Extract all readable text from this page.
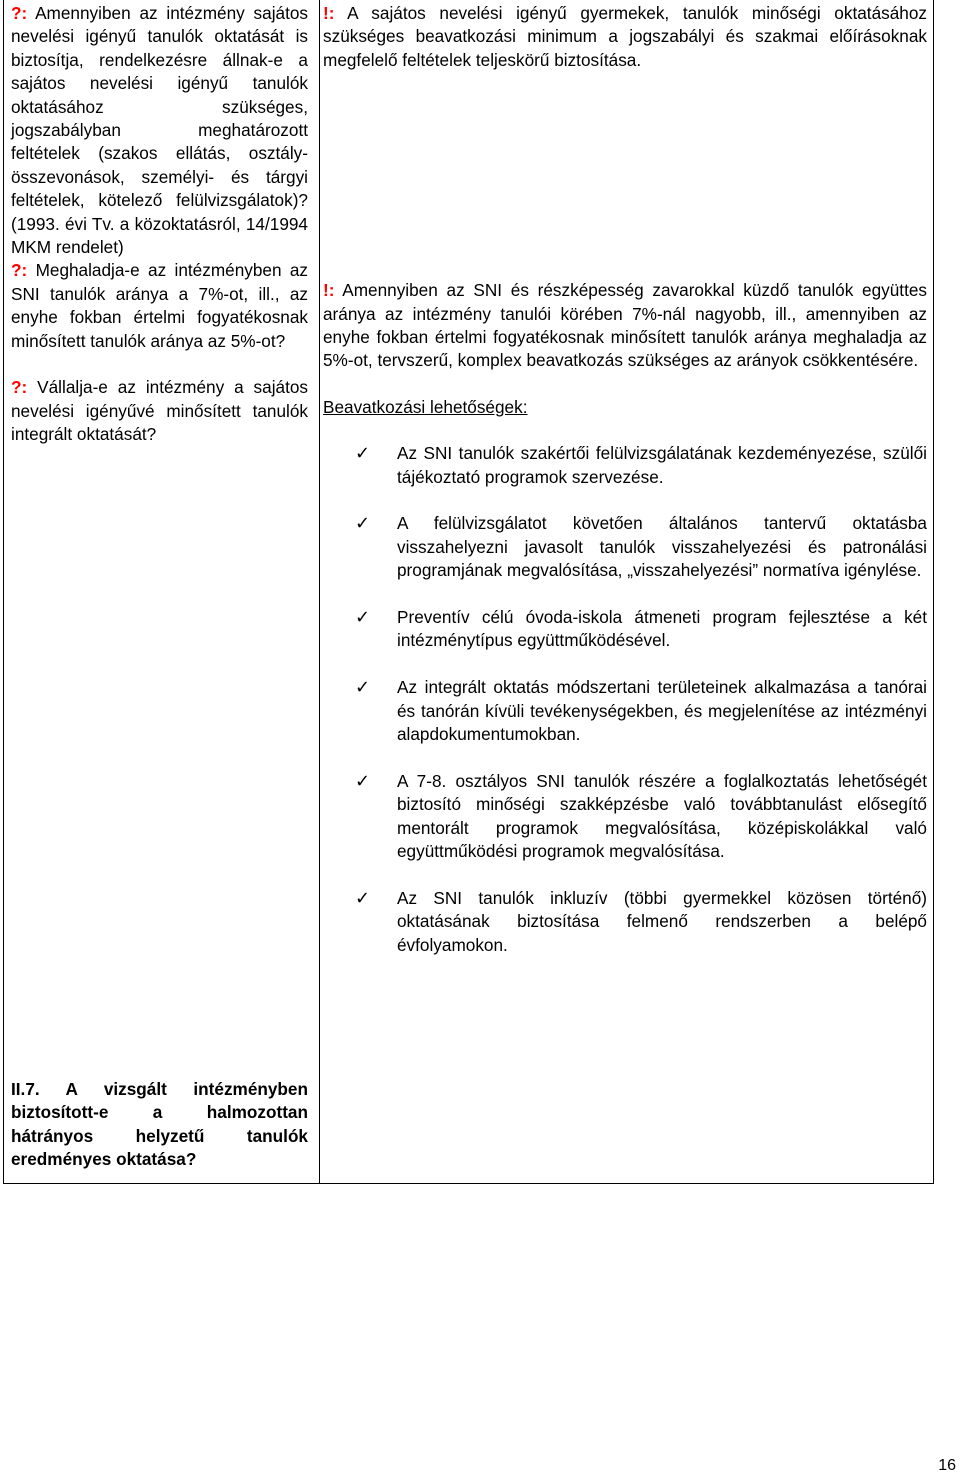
?: Amennyiben az intézmény sajátos nevelési igényű tanulók oktatását is biztosítja, rendelkezésre állnak-e a sajátos nevelési igényű tanulók oktatásához szükséges, jogszabályban meghatározott feltételek (szakos ellátás, osztály- összevonások, személyi- és tárgyi feltételek, kötelező felülvizsgálatok)? (1993. évi Tv. a közoktatásról, 14/1994 MKM rendelet)

?: Meghaladja-e az intézményben az SNI tanulók aránya a 7%-ot, ill., az enyhe fokban értelmi fogyatékosnak minősített tanulók aránya az 5%-ot?

?: Vállalja-e az intézmény a sajátos nevelési igényűvé minősített tanulók integrált oktatását?

II.7. A vizsgált intézményben biztosított-e a halmozottan hátrányos helyzetű tanulók eredményes oktatása?

!: A sajátos nevelési igényű gyermekek, tanulók minőségi oktatásához szükséges beavatkozási minimum a jogszabályi és szakmai előírásoknak megfelelő feltételek teljeskörű biztosítása.

!: Amennyiben az SNI és részképesség zavarokkal küzdő tanulók együttes aránya az intézmény tanulói körében 7%-nál nagyobb, ill., amennyiben az enyhe fokban értelmi fogyatékosnak minősített tanulók aránya meghaladja az 5%-ot, tervszerű, komplex beavatkozás szükséges az arányok csökkentésére.

Beavatkozási lehetőségek:

✓ Az SNI tanulók szakértői felülvizsgálatának kezdeményezése, szülői tájékoztató programok szervezése.
✓ A felülvizsgálatot követően általános tantervű oktatásba visszahelyezni javasolt tanulók visszahelyezési és patronálási programjának megvalósítása, „visszahelyezési” normatíva igénylése.
✓ Preventív célú óvoda-iskola átmeneti program fejlesztése a két intézménytípus együttműködésével.
✓ Az integrált oktatás módszertani területeinek alkalmazása a tanórai és tanórán kívüli tevékenységekben, és megjelenítése az intézményi alapdokumentumokban.
✓ A 7-8. osztályos SNI tanulók részére a foglalkoztatás lehetőségét biztosító minőségi szakképzésbe való továbbtanulást elősegítő mentorált programok megvalósítása, középiskolákkal való együttműködési programok megvalósítása.
✓ Az SNI tanulók inkluzív (többi gyermekkel közösen történő) oktatásának biztosítása felmenő rendszerben a belépő évfolyamokon.
16
